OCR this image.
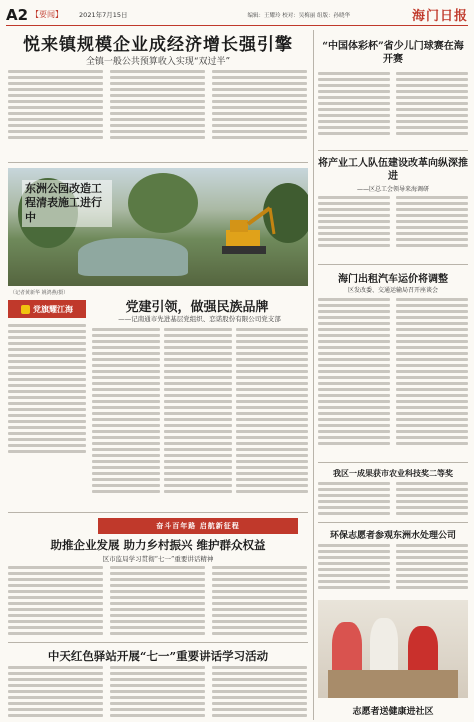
A2 【要闻】 2021年7月15日	编辑：王耀玲 校对：吴梅丽 组版：孙晓华	海门日报
悦来镇规模企业成经济增长强引擎
全镇一般公共预算收入实现“双过半”
东洲公园改造工程清表施工进行中
（记者黄新华 姚鸿燕/摄）
党旗耀江海	党建引领，做强民族品牌
——记南通市先进基层党组织、恋诺股份有限公司党支部
奋斗百年路 启航新征程
助推企业发展 助力乡村振兴 维护群众权益
区市监局学习贯彻“七一”重要讲话精神
中天红色驿站开展“七一”重要讲话学习活动
“中国体彩杯”省少儿门球赛在海开赛
将产业工人队伍建设改革向纵深推进
——区总工会领导来海调研
海门出租汽车运价将调整
区发改委、交通运输局召开座谈会
我区一成果获市农业科技奖二等奖
环保志愿者参观东洲水处理公司
志愿者送健康进社区
